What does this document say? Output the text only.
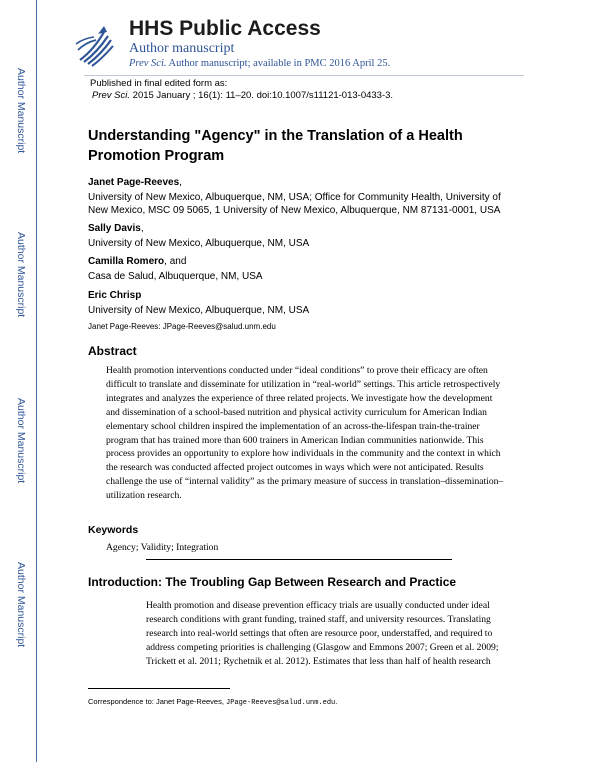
Author Manuscript
Author Manuscript
Author Manuscript
Author Manuscript
HHS Public Access
Author manuscript
Prev Sci. Author manuscript; available in PMC 2016 April 25.
Published in final edited form as:
Prev Sci. 2015 January ; 16(1): 11–20. doi:10.1007/s11121-013-0433-3.
Understanding "Agency" in the Translation of a Health Promotion Program
Janet Page-Reeves,
University of New Mexico, Albuquerque, NM, USA; Office for Community Health, University of New Mexico, MSC 09 5065, 1 University of New Mexico, Albuquerque, NM 87131-0001, USA
Sally Davis,
University of New Mexico, Albuquerque, NM, USA
Camilla Romero, and
Casa de Salud, Albuquerque, NM, USA
Eric Chrisp
University of New Mexico, Albuquerque, NM, USA
Janet Page-Reeves: JPage-Reeves@salud.unm.edu
Abstract
Health promotion interventions conducted under “ideal conditions” to prove their efficacy are often difficult to translate and disseminate for utilization in “real-world” settings. This article retrospectively integrates and analyzes the experience of three related projects. We investigate how the development and dissemination of a school-based nutrition and physical activity curriculum for American Indian elementary school children inspired the implementation of an across-the-lifespan train-the-trainer program that has trained more than 600 trainers in American Indian communities nationwide. This process provides an opportunity to explore how individuals in the community and the context in which the research was conducted affected project outcomes in ways which were not anticipated. Results challenge the use of “internal validity” as the primary measure of success in translation–dissemination–utilization research.
Keywords
Agency; Validity; Integration
Introduction: The Troubling Gap Between Research and Practice
Health promotion and disease prevention efficacy trials are usually conducted under ideal research conditions with grant funding, trained staff, and university resources. Translating research into real-world settings that often are resource poor, understaffed, and required to address competing priorities is challenging (Glasgow and Emmons 2007; Green et al. 2009; Trickett et al. 2011; Rychetnik et al. 2012). Estimates that less than half of health research
Correspondence to: Janet Page-Reeves, JPage-Reeves@salud.unm.edu.
